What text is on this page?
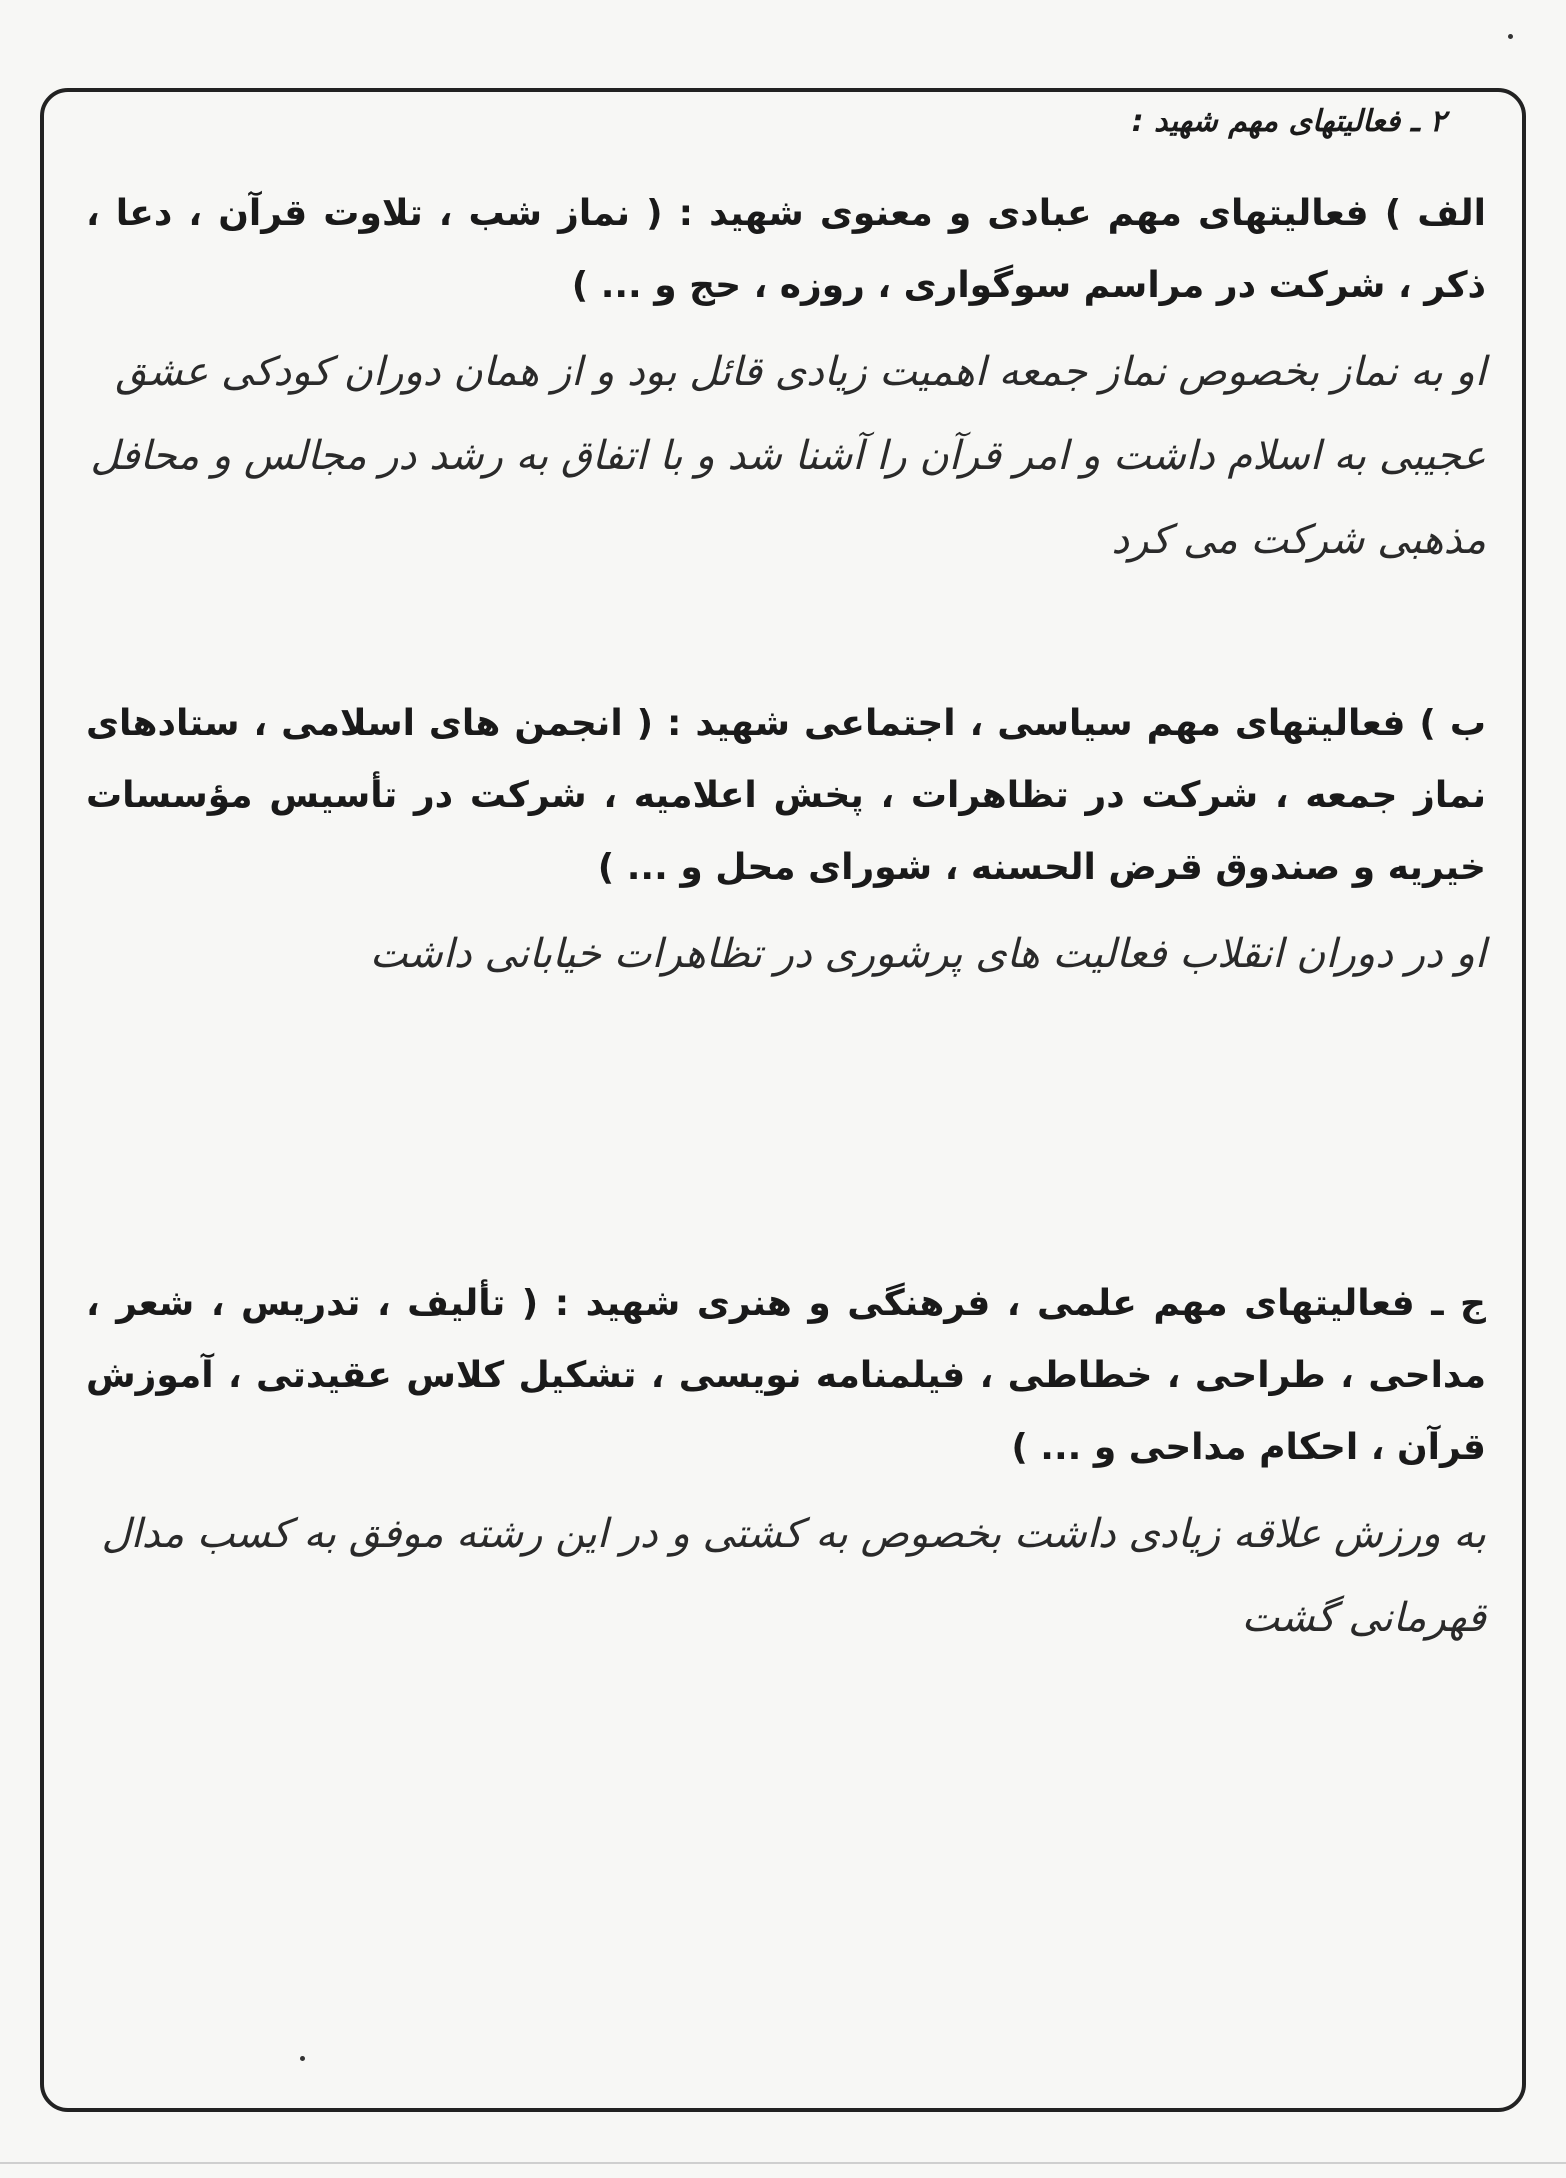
۲ ـ فعالیتهای مهم شهید :
الف ) فعالیتهای مهم عبادی و معنوی شهید : ( نماز شب ، تلاوت قرآن ، دعا ، ذکر ، شرکت در مراسم سوگواری ، روزه ، حج و ... )
او به نماز بخصوص نماز جمعه اهمیت زیادی قائل بود و از همان دوران کودکی عشق عجیبی به اسلام داشت و امر قرآن را آشنا شد و با اتفاق به رشد در مجالس و محافل مذهبی شرکت می کرد
ب ) فعالیتهای مهم سیاسی ، اجتماعی شهید : ( انجمن های اسلامی ، ستادهای نماز جمعه ، شرکت در تظاهرات ، پخش اعلامیه ، شرکت در تأسیس مؤسسات خیریه و صندوق قرض الحسنه ، شورای محل و ... )
او در دوران انقلاب فعالیت های پرشوری در تظاهرات خیابانی داشت
ج ـ فعالیتهای مهم علمی ، فرهنگی و هنری شهید : ( تألیف ، تدریس ، شعر ، مداحی ، طراحی ، خطاطی ، فیلمنامه نویسی ، تشکیل کلاس عقیدتی ، آموزش قرآن ، احکام مداحی و ... )
به ورزش علاقه زیادی داشت بخصوص به کشتی و در این رشته موفق به کسب مدال قهرمانی گشت
